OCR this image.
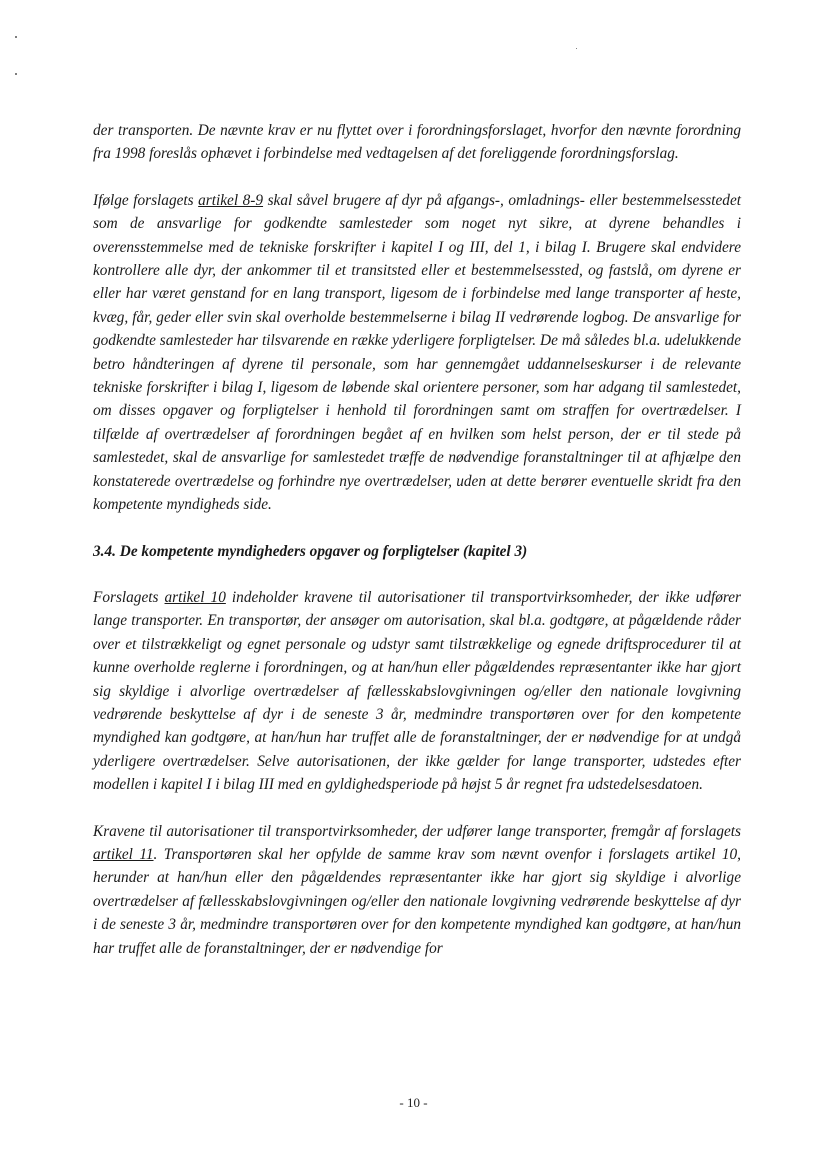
der transporten. De nævnte krav er nu flyttet over i forordningsforslaget, hvorfor den nævnte forordning fra 1998 foreslås ophævet i forbindelse med vedtagelsen af det foreliggende forordningsforslag.

Ifølge forslagets artikel 8-9 skal såvel brugere af dyr på afgangs-, omladnings- eller bestemmelsesstedet som de ansvarlige for godkendte samlesteder som noget nyt sikre, at dyrene behandles i overensstemmelse med de tekniske forskrifter i kapitel I og III, del 1, i bilag I. Brugere skal endvidere kontrollere alle dyr, der ankommer til et transitsted eller et bestemmelsessted, og fastslå, om dyrene er eller har været genstand for en lang transport, ligesom de i forbindelse med lange transporter af heste, kvæg, får, geder eller svin skal overholde bestemmelserne i bilag II vedrørende logbog. De ansvarlige for godkendte samlesteder har tilsvarende en række yderligere forpligtelser. De må således bl.a. udelukkende betro håndteringen af dyrene til personale, som har gennemgået uddannelseskurser i de relevante tekniske forskrifter i bilag I, ligesom de løbende skal orientere personer, som har adgang til samlestedet, om disses opgaver og forpligtelser i henhold til forordningen samt om straffen for overtrædelser. I tilfælde af overtrædelser af forordningen begået af en hvilken som helst person, der er til stede på samlestedet, skal de ansvarlige for samlestedet træffe de nødvendige foranstaltninger til at afhjælpe den konstaterede overtrædelse og forhindre nye overtrædelser, uden at dette berører eventuelle skridt fra den kompetente myndigheds side.

3.4. De kompetente myndigheders opgaver og forpligtelser (kapitel 3)

Forslagets artikel 10 indeholder kravene til autorisationer til transportvirksomheder, der ikke udfører lange transporter. En transportør, der ansøger om autorisation, skal bl.a. godtgøre, at pågældende råder over et tilstrækkeligt og egnet personale og udstyr samt tilstrækkelige og egnede driftsprocedurer til at kunne overholde reglerne i forordningen, og at han/hun eller pågældendes repræsentanter ikke har gjort sig skyldige i alvorlige overtrædelser af fællesskabslovgivningen og/eller den nationale lovgivning vedrørende beskyttelse af dyr i de seneste 3 år, medmindre transportøren over for den kompetente myndighed kan godtgøre, at han/hun har truffet alle de foranstaltninger, der er nødvendige for at undgå yderligere overtrædelser. Selve autorisationen, der ikke gælder for lange transporter, udstedes efter modellen i kapitel I i bilag III med en gyldighedsperiode på højst 5 år regnet fra udstedelsesdatoen.

Kravene til autorisationer til transportvirksomheder, der udfører lange transporter, fremgår af forslagets artikel 11. Transportøren skal her opfylde de samme krav som nævnt ovenfor i forslagets artikel 10, herunder at han/hun eller den pågældendes repræsentanter ikke har gjort sig skyldige i alvorlige overtrædelser af fællesskabslovgivningen og/eller den nationale lovgivning vedrørende beskyttelse af dyr i de seneste 3 år, medmindre transportøren over for den kompetente myndighed kan godtgøre, at han/hun har truffet alle de foranstaltninger, der er nødvendige for

- 10 -
